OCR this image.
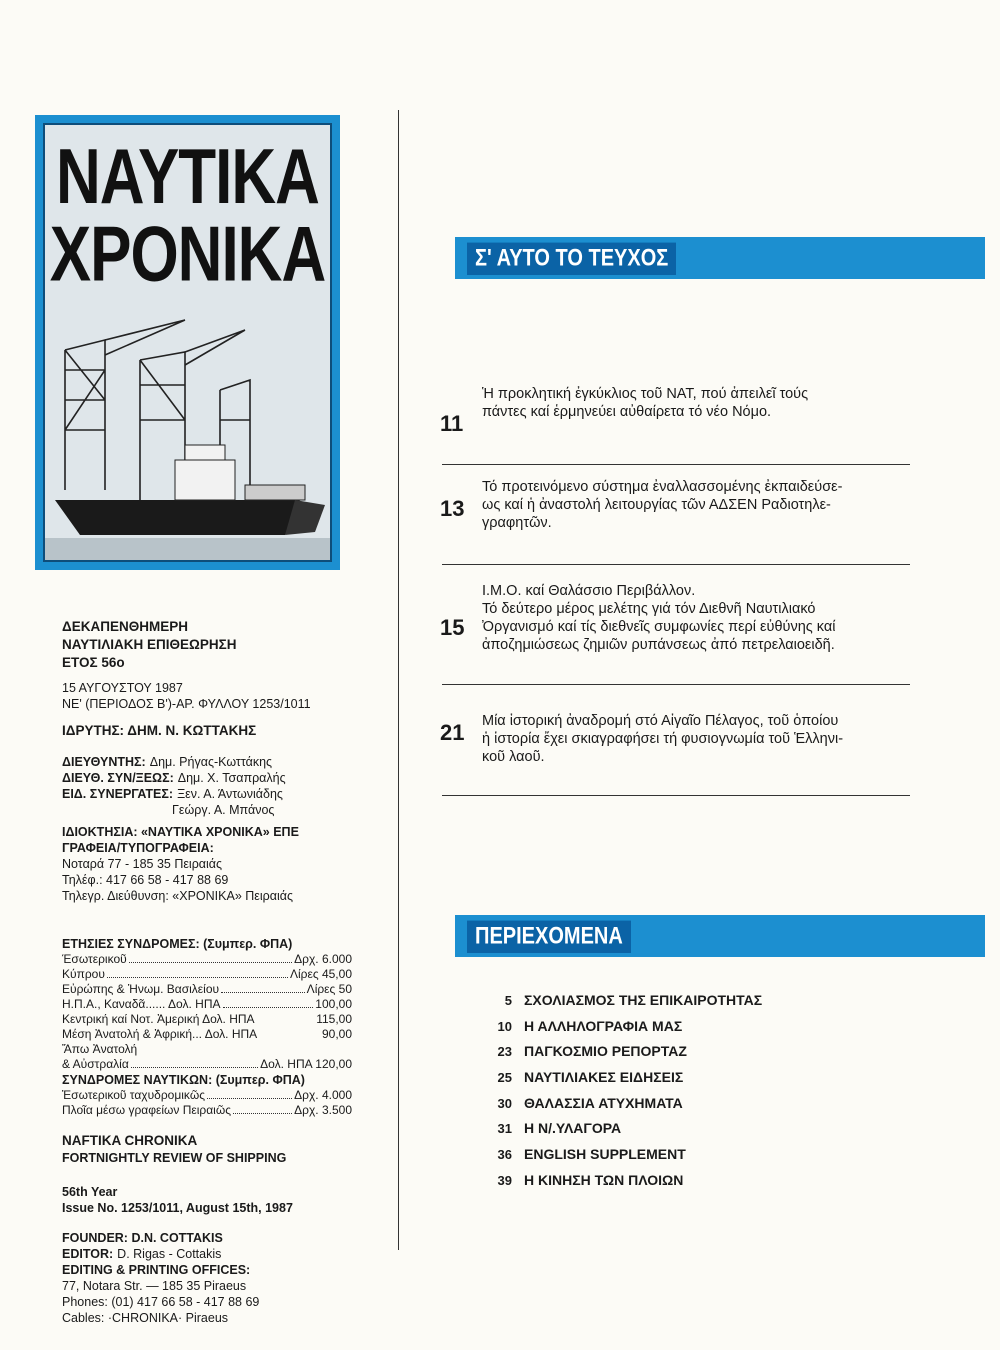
ΝΑΥΤΙΚΑ
ΧΡΟΝΙΚΑ
ΔΕΚΑΠΕΝΘΗΜΕΡΗ
ΝΑΥΤΙΛΙΑΚΗ ΕΠΙΘΕΩΡΗΣΗ
ΕΤΟΣ 56ο
15 ΑΥΓΟΥΣΤΟΥ 1987
ΝΕ' (ΠΕΡΙΟΔΟΣ Β')-ΑΡ. ΦΥΛΛΟΥ 1253/1011
ΙΔΡΥΤΗΣ: ΔΗΜ. Ν. ΚΩΤΤΑΚΗΣ
ΔΙΕΥΘΥΝΤΗΣ: Δημ. Ρήγας-Κωττάκης
ΔΙΕΥΘ. ΣΥΝ/ΞΕΩΣ: Δημ. Χ. Τσαπραλής
ΕΙΔ. ΣΥΝΕΡΓΑΤΕΣ: Ξεν. Α. Άντωνιάδης
Γεώργ. Α. Μπάνος
ΙΔΙΟΚΤΗΣΙΑ: «ΝΑΥΤΙΚΑ ΧΡΟΝΙΚΑ» ΕΠΕ
ΓΡΑΦΕΙΑ/ΤΥΠΟΓΡΑΦΕΙΑ:
Νοταρά 77 - 185 35 Πειραιάς
Τηλέφ.: 417 66 58 - 417 88 69
Τηλεγρ. Διεύθυνση: «ΧΡΟΝΙΚΑ» Πειραιάς
ΕΤΗΣΙΕΣ ΣΥΝΔΡΟΜΕΣ: (Συμπερ. ΦΠΑ)
Έσωτερικοῦ	Δρχ. 6.000
Κύπρου	Λίρες 45,00
Εὐρώπης & Ἡνωμ. Βασιλείου	Λίρες 50
Η.Π.Α., Καναδᾶ...... Δολ. ΗΠΑ	100,00
Κεντρική καί Νοτ. Ἀμερική Δολ. ΗΠΑ	115,00
Μέση Ἀνατολή & Ἀφρική... Δολ. ΗΠΑ	90,00
Ἄπω Ἀνατολή
& Αὐστραλία	Δολ. ΗΠΑ 120,00
ΣΥΝΔΡΟΜΕΣ ΝΑΥΤΙΚΩΝ: (Συμπερ. ΦΠΑ)
Ἐσωτερικοῦ ταχυδρομικῶς	Δρχ. 4.000
Πλοῖα μέσω γραφείων Πειραιῶς	Δρχ. 3.500
NAFTIKA CHRONIKA
FORTNIGHTLY REVIEW OF SHIPPING
56th Year
Issue No. 1253/1011, August 15th, 1987
FOUNDER: D.N. COTTAKIS
EDITOR: D. Rigas - Cottakis
EDITING & PRINTING OFFICES:
77, Notara Str. — 185 35 Piraeus
Phones: (01) 417 66 58 - 417 88 69
Cables: ·CHRONIKA· Piraeus
Σ' ΑΥΤΟ ΤΟ ΤΕΥΧΟΣ
11
Ἡ προκλητική ἐγκύκλιος τοῦ ΝΑΤ, πού ἀπειλεῖ τούς
πάντες καί ἑρμηνεύει αὐθαίρετα τό νέο Νόμο.
13
Τό προτεινόμενο σύστημα ἐναλλασσομένης ἐκπαιδεύσε-
ως καί ἡ ἀναστολή λειτουργίας τῶν ΑΔΣΕΝ Ραδιοτηλε-
γραφητῶν.
15
Ι.Μ.Ο. καί Θαλάσσιο Περιβάλλον.
Τό δεύτερο μέρος μελέτης γιά τόν Διεθνῆ Ναυτιλιακό
Ὀργανισμό καί τίς διεθνεῖς συμφωνίες περί εὐθύνης καί
ἀποζημιώσεως ζημιῶν ρυπάνσεως ἀπό πετρελαιοειδῆ.
21 Μία ἱστορική ἀναδρομή στό Αἰγαῖο Πέλαγος, τοῦ ὁποίου
ἡ ἱστορία ἔχει σκιαγραφήσει τή φυσιογνωμία τοῦ Ἑλληνι-
κοῦ λαοῦ.
ΠΕΡΙΕΧΟΜΕΝΑ
5 ΣΧΟΛΙΑΣΜΟΣ ΤΗΣ ΕΠΙΚΑΙΡΟΤΗΤΑΣ
10 Η ΑΛΛΗΛΟΓΡΑΦΙΑ ΜΑΣ
23 ΠΑΓΚΟΣΜΙΟ ΡΕΠΟΡΤΑΖ
25 ΝΑΥΤΙΛΙΑΚΕΣ ΕΙΔΗΣΕΙΣ
30 ΘΑΛΑΣΣΙΑ ΑΤΥΧΗΜΑΤΑ
31 Η Ν/.ΥΛΑΓΟΡΑ
36 ENGLISH SUPPLEMENT
39 Η ΚΙΝΗΣΗ ΤΩΝ ΠΛΟΙΩΝ
